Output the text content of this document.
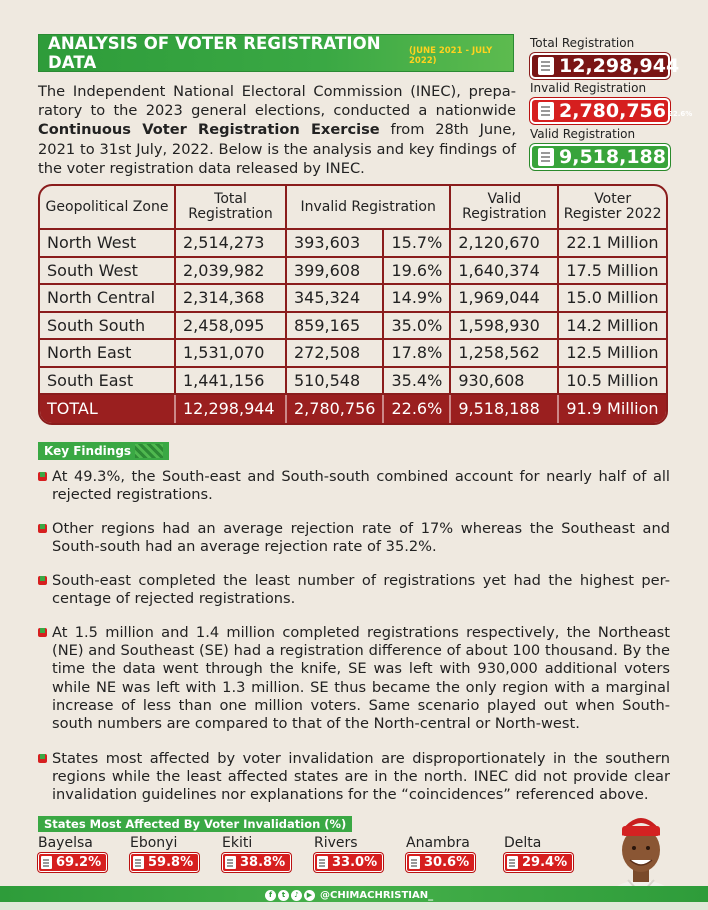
ANALYSIS OF VOTER REGISTRATION DATA
(JUNE 2021 - JULY 2022)

The Independent National Electoral Commission (INEC), prepa-ratory to the 2023 general elections, conducted a nationwide Continuous Voter Registration Exercise from 28th June, 2021 to 31st July, 2022. Below is the analysis and key findings of the voter registration data released by INEC.

Total Registration
12,298,944
Invalid Registration
2,780,756 22.6%
Valid Registration
9,518,188
Geopolitical Zone	Total Registration	Invalid Registration		Valid Registration	Voter Register 2022
North West	2,514,273	393,603	15.7%	2,120,670	22.1 Million
South West	2,039,982	399,608	19.6%	1,640,374	17.5 Million
North Central	2,314,368	345,324	14.9%	1,969,044	15.0 Million
South South	2,458,095	859,165	35.0%	1,598,930	14.2 Million
North East	1,531,070	272,508	17.8%	1,258,562	12.5 Million
South East	1,441,156	510,548	35.4%	930,608	10.5 Million
TOTAL	12,298,944	2,780,756	22.6%	9,518,188	91.9 Million
Key Findings
At 49.3%, the South-east and South-south combined account for nearly half of all rejected registrations.
Other regions had an average rejection rate of 17% whereas the Southeast and South-south had an average rejection rate of 35.2%.
South-east completed the least number of registrations yet had the highest per-centage of rejected registrations.
At 1.5 million and 1.4 million completed registrations respectively, the Northeast (NE) and Southeast (SE) had a registration difference of about 100 thousand. By the time the data went through the knife, SE was left with 930,000 additional voters while NE was left with 1.3 million. SE thus became the only region with a marginal increase of less than one million voters. Same scenario played out when South-south numbers are compared to that of the North-central or North-west.
States most affected by voter invalidation are disproportionately in the southern regions while the least affected states are in the north. INEC did not provide clear invalidation guidelines nor explanations for the “coincidences” referenced above.
States Most Affected By Voter Invalidation (%)
Bayelsa
69.2%
Ebonyi
59.8%
Ekiti
38.8%
Rivers
33.0%
Anambra
30.6%
Delta
29.4%
f	t	♪	▶ @CHIMACHRISTIAN_
